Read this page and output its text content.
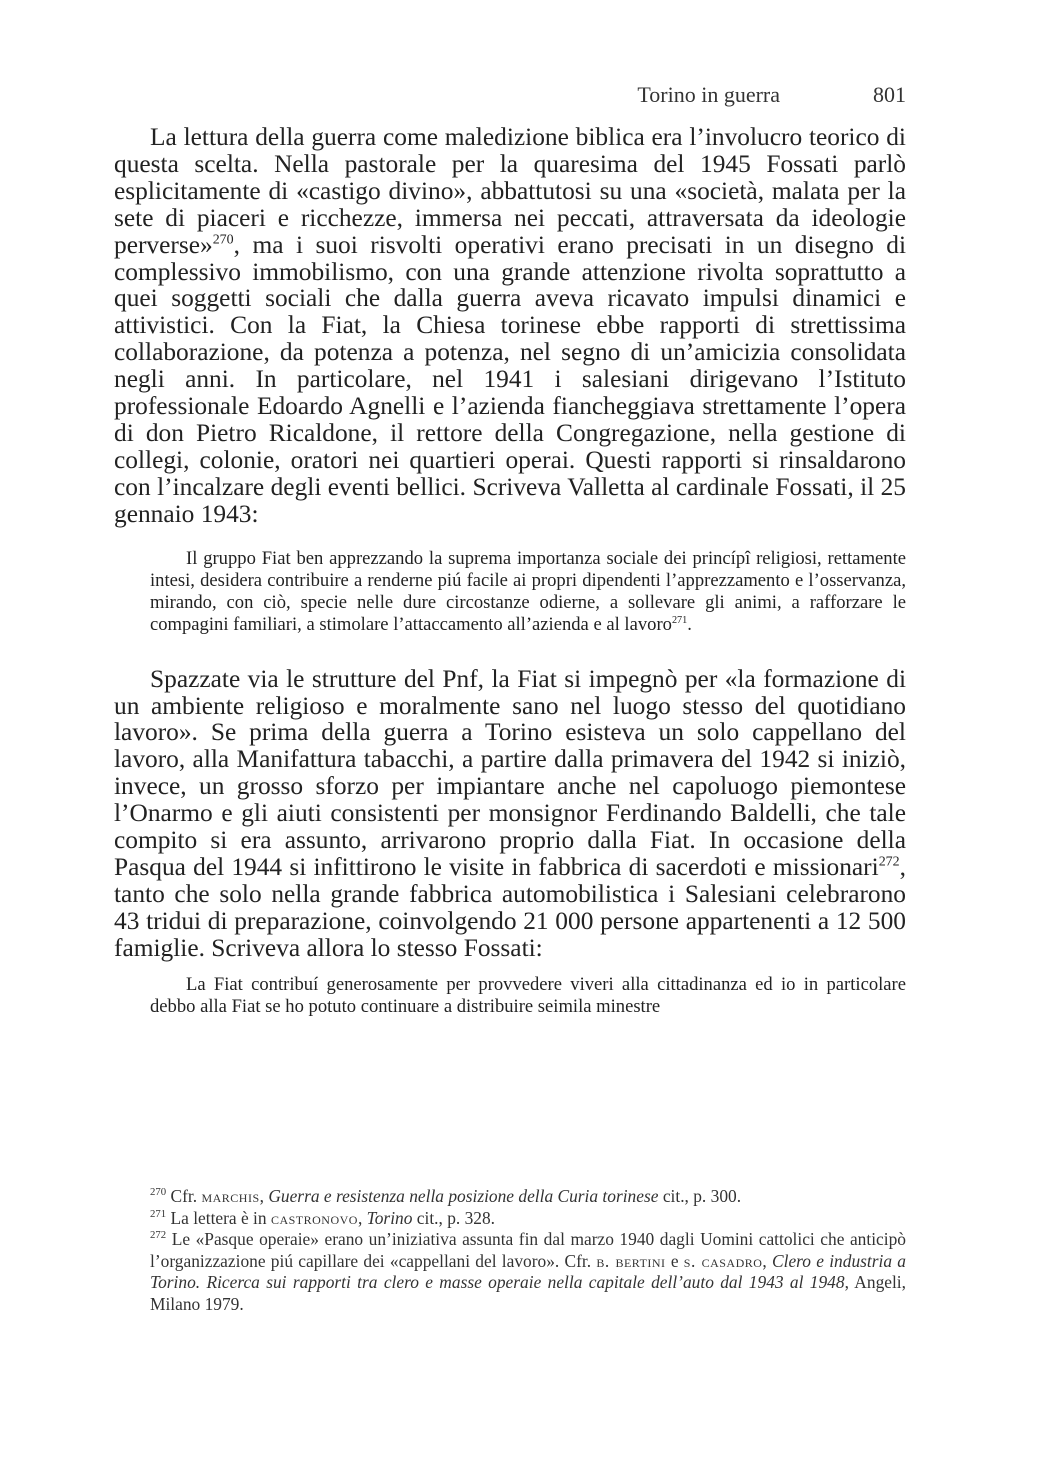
Torino in guerra	801

La lettura della guerra come maledizione biblica era l’involucro teorico di questa scelta. Nella pastorale per la quaresima del 1945 Fossati parlò esplicitamente di «castigo divino», abbattutosi su una «società, malata per la sete di piaceri e ricchezze, immersa nei peccati, attraversata da ideologie perverse»$^{270}$, ma i suoi risvolti operativi erano precisati in un disegno di complessivo immobilismo, con una grande attenzione rivolta soprattutto a quei soggetti sociali che dalla guerra aveva ricavato impulsi dinamici e attivistici. Con la Fiat, la Chiesa torinese ebbe rapporti di strettissima collaborazione, da potenza a potenza, nel segno di un’amicizia consolidata negli anni. In particolare, nel 1941 i salesiani dirigevano l’Istituto professionale Edoardo Agnelli e l’azienda fiancheggiava strettamente l’opera di don Pietro Ricaldone, il rettore della Congregazione, nella gestione di collegi, colonie, oratori nei quartieri operai. Questi rapporti si rinsaldarono con l’incalzare degli eventi bellici. Scriveva Valletta al cardinale Fossati, il 25 gennaio 1943:

Il gruppo Fiat ben apprezzando la suprema importanza sociale dei princípî religiosi, rettamente intesi, desidera contribuire a renderne piú facile ai propri dipendenti l’apprezzamento e l’osservanza, mirando, con ciò, specie nelle dure circostanze odierne, a sollevare gli animi, a rafforzare le compagini familiari, a stimolare l’attaccamento all’azienda e al lavoro$^{271}$.

Spazzate via le strutture del Pnf, la Fiat si impegnò per «la formazione di un ambiente religioso e moralmente sano nel luogo stesso del quotidiano lavoro». Se prima della guerra a Torino esisteva un solo cappellano del lavoro, alla Manifattura tabacchi, a partire dalla primavera del 1942 si iniziò, invece, un grosso sforzo per impiantare anche nel capoluogo piemontese l’Onarmo e gli aiuti consistenti per monsignor Ferdinando Baldelli, che tale compito si era assunto, arrivarono proprio dalla Fiat. In occasione della Pasqua del 1944 si infittirono le visite in fabbrica di sacerdoti e missionari$^{272}$, tanto che solo nella grande fabbrica automobilistica i Salesiani celebrarono 43 tridui di preparazione, coinvolgendo 21 000 persone appartenenti a 12 500 famiglie. Scriveva allora lo stesso Fossati:

La Fiat contribuí generosamente per provvedere viveri alla cittadinanza ed io in particolare debbo alla Fiat se ho potuto continuare a distribuire seimila minestre

$^{270}$ Cfr. marchis, Guerra e resistenza nella posizione della Curia torinese cit., p. 300.

$^{271}$ La lettera è in castronovo, Torino cit., p. 328.

$^{272}$ Le «Pasque operaie» erano un’iniziativa assunta fin dal marzo 1940 dagli Uomini cattolici che anticipò l’organizzazione piú capillare dei «cappellani del lavoro». Cfr. b. bertini e s. casadro, Clero e industria a Torino. Ricerca sui rapporti tra clero e masse operaie nella capitale dell’auto dal 1943 al 1948, Angeli, Milano 1979.
